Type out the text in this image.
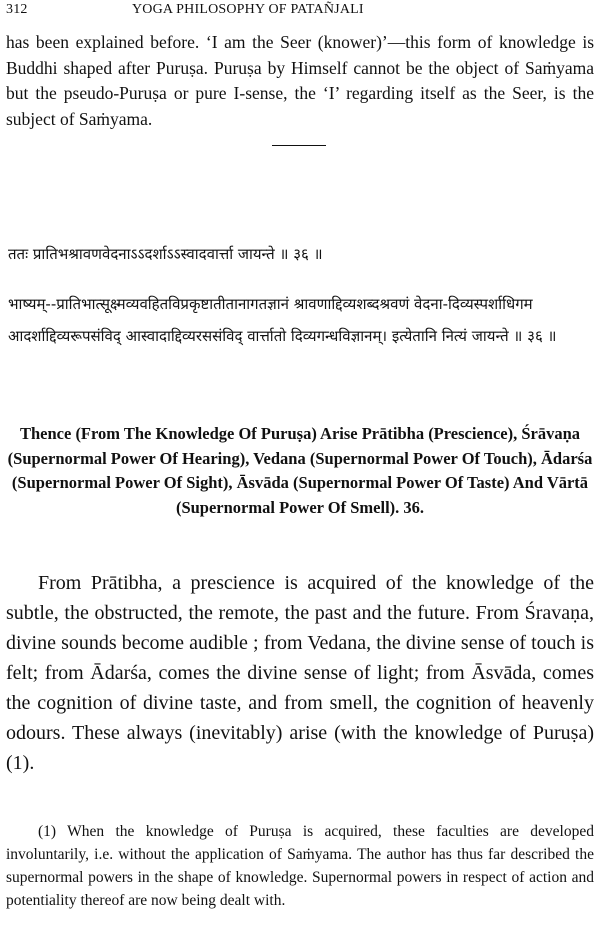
312	YOGA PHILOSOPHY OF PATAÑJALI

has been explained before. ‘I am the Seer (knower)’—this form of knowledge is Buddhi shaped after Puruṣa. Puruṣa by Himself cannot be the object of Saṁyama but the pseudo-Puruṣa or pure I-sense, the ‘I’ regarding itself as the Seer, is the subject of Saṁyama.

ततः प्रातिभश्रावणवेदनाऽऽदर्शाऽऽस्वादवार्त्ता जायन्ते ॥ ३६ ॥

भाष्यम्--प्रातिभात्सूक्ष्मव्यवहितविप्रकृष्टातीतानागतज्ञानं श्रावणाद्दिव्यशब्दश्रवणं वेदना-दिव्यस्पर्शाधिगम आदर्शाद्दिव्यरूपसंविद् आस्वादाद्दिव्यरससंविद् वार्त्तातो दिव्यगन्धविज्ञानम्। इत्येतानि नित्यं जायन्ते ॥ ३६ ॥

Thence (From The Knowledge Of Puruṣa) Arise Prātibha (Prescience), Śrāvaṇa (Supernormal Power Of Hearing), Vedana (Supernormal Power Of Touch), Ādarśa (Supernormal Power Of Sight), Āsvāda (Supernormal Power Of Taste) And Vārtā (Supernormal Power Of Smell). 36.

From Prātibha, a prescience is acquired of the knowledge of the subtle, the obstructed, the remote, the past and the future. From Śravaṇa, divine sounds become audible ; from Vedana, the divine sense of touch is felt; from Ādarśa, comes the divine sense of light; from Āsvāda, comes the cognition of divine taste, and from smell, the cognition of heavenly odours. These always (inevitably) arise (with the knowledge of Puruṣa) (1).

(1) When the knowledge of Puruṣa is acquired, these faculties are developed involuntarily, i.e. without the application of Saṁyama. The author has thus far described the supernormal powers in the shape of knowledge. Supernormal powers in respect of action and potentiality thereof are now being dealt with.
